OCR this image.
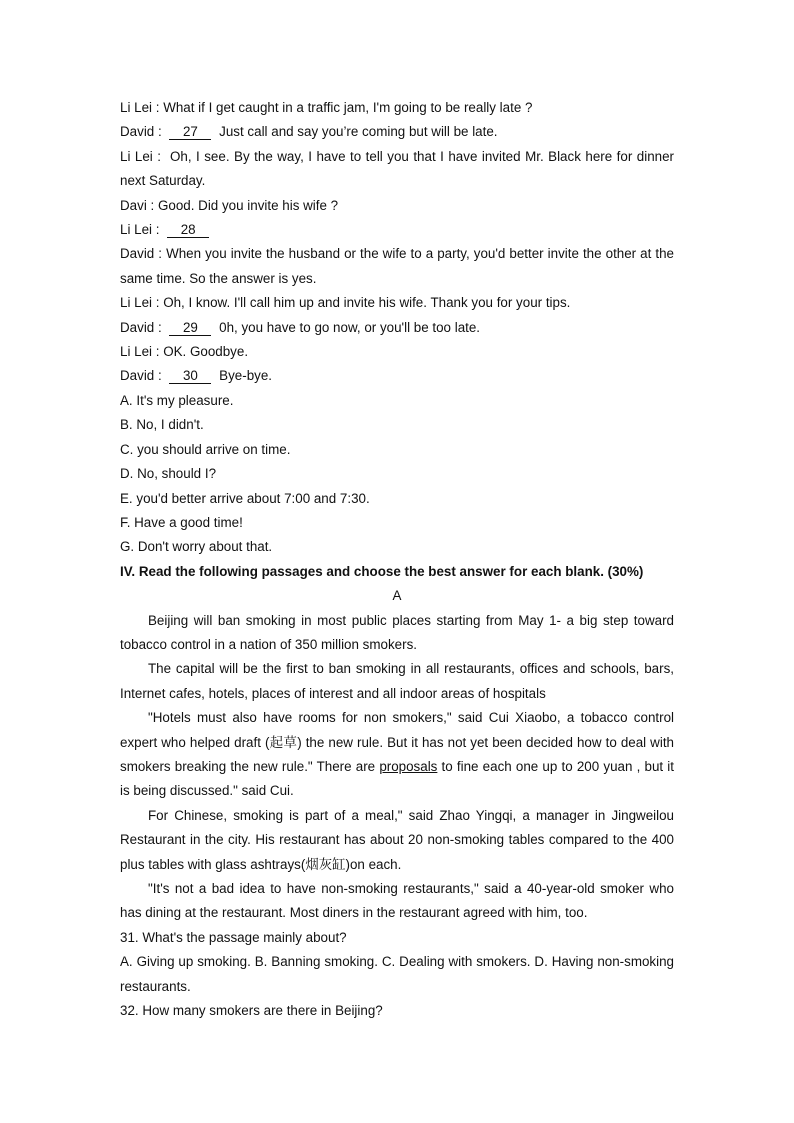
Li Lei : What if I get caught in a traffic jam, I'm going to be really late ?

David : 27 Just call and say you’re coming but will be late.

Li Lei :  Oh, I see. By the way, I have to tell you that I have invited Mr. Black here for dinner next Saturday.

Davi : Good. Did you invite his wife ?

Li Lei : 28

David : When you invite the husband or the wife to a party, you'd better invite the other at the same time. So the answer is yes.

Li Lei : Oh, I know. I'll call him up and invite his wife. Thank you for your tips.

David : 29 0h, you have to go now, or you'll be too late.

Li Lei : OK. Goodbye.

David : 30 Bye-bye.

A. It's my pleasure.

B. No, I didn't.

C. you should arrive on time.

D. No, should I?

E. you'd better arrive about 7:00 and 7:30.

F. Have a good time!

G. Don't worry about that.

IV. Read the following passages and choose the best answer for each blank. (30%)

A

Beijing will ban smoking in most public places starting from May 1- a big step toward tobacco control in a nation of 350 million smokers.

The capital will be the first to ban smoking in all restaurants, offices and schools, bars, Internet cafes, hotels, places of interest and all indoor areas of hospitals

"Hotels must also have rooms for non smokers," said Cui Xiaobo, a tobacco control expert who helped draft (起草) the new rule. But it has not yet been decided how to deal with smokers breaking the new rule." There are proposals to fine each one up to 200 yuan , but it is being discussed." said Cui.

For Chinese, smoking is part of a meal," said Zhao Yingqi, a manager in Jingweilou Restaurant in the city. His restaurant has about 20 non-smoking tables compared to the 400 plus tables with glass ashtrays(烟灰缸)on each.

"It's not a bad idea to have non-smoking restaurants," said a 40-year-old smoker who has dining at the restaurant. Most diners in the restaurant agreed with him, too.

31. What's the passage mainly about?

A. Giving up smoking. B. Banning smoking. C. Dealing with smokers. D. Having non-smoking restaurants.

32. How many smokers are there in Beijing?
